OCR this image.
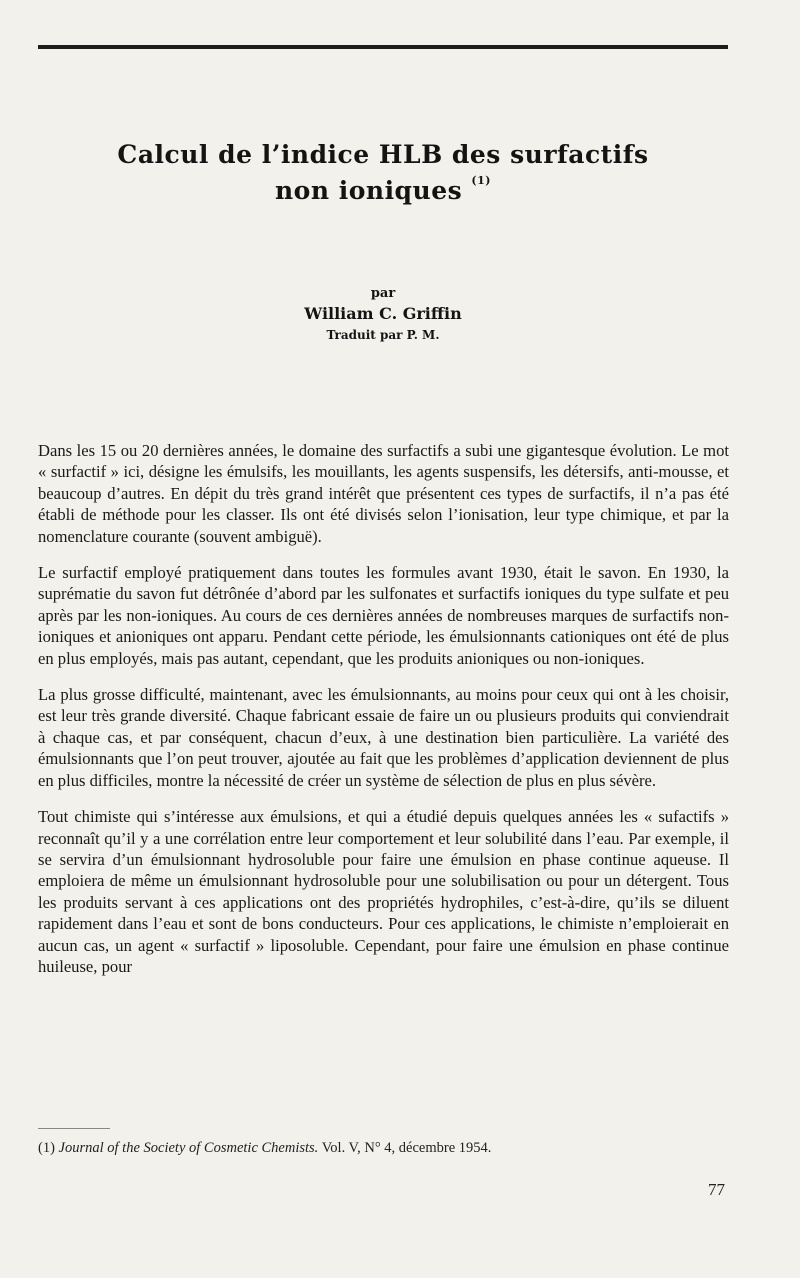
Calcul de l’indice HLB des surfactifs
non ioniques $^{(1)}$
par
William C. Griffin
Traduit par P. M.

Dans les 15 ou 20 dernières années, le domaine des surfactifs a subi une gigantesque évolution. Le mot « surfactif » ici, désigne les émulsifs, les mouillants, les agents suspensifs, les détersifs, anti-mousse, et beaucoup d’autres. En dépit du très grand intérêt que présentent ces types de surfactifs, il n’a pas été établi de méthode pour les classer. Ils ont été divisés selon l’ionisation, leur type chimique, et par la nomenclature courante (souvent ambiguë).

Le surfactif employé pratiquement dans toutes les formules avant 1930, était le savon. En 1930, la suprématie du savon fut détrônée d’abord par les sulfonates et surfactifs ioniques du type sulfate et peu après par les non-ioniques. Au cours de ces dernières années de nombreuses marques de surfactifs non-ioniques et anioniques ont apparu. Pendant cette période, les émulsionnants cationiques ont été de plus en plus employés, mais pas autant, cependant, que les produits anioniques ou non-ioniques.

La plus grosse difficulté, maintenant, avec les émulsionnants, au moins pour ceux qui ont à les choisir, est leur très grande diversité. Chaque fabricant essaie de faire un ou plusieurs produits qui conviendrait à chaque cas, et par conséquent, chacun d’eux, à une destination bien particulière. La variété des émulsionnants que l’on peut trouver, ajoutée au fait que les problèmes d’application deviennent de plus en plus difficiles, montre la nécessité de créer un système de sélection de plus en plus sévère.

Tout chimiste qui s’intéresse aux émulsions, et qui a étudié depuis quelques années les « sufactifs » reconnaît qu’il y a une corrélation entre leur comportement et leur solubilité dans l’eau. Par exemple, il se servira d’un émulsionnant hydrosoluble pour faire une émulsion en phase continue aqueuse. Il emploiera de même un émulsionnant hydrosoluble pour une solubilisation ou pour un détergent. Tous les produits servant à ces applications ont des propriétés hydrophiles, c’est-à-dire, qu’ils se diluent rapidement dans l’eau et sont de bons conducteurs. Pour ces applications, le chimiste n’emploierait en aucun cas, un agent « surfactif » liposoluble. Cependant, pour faire une émulsion en phase continue huileuse, pour

(1) Journal of the Society of Cosmetic Chemists. Vol. V, N° 4, décembre 1954.
77
